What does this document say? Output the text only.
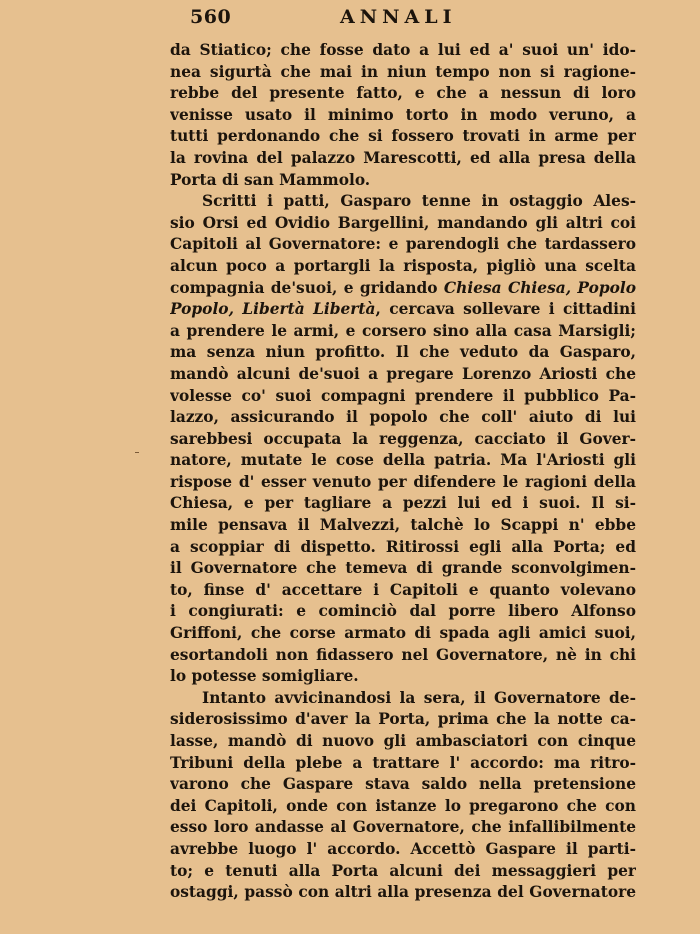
560	ANNALI
da Stiatico; che fosse dato a lui ed a' suoi un' ido-
nea sigurtà che mai in niun tempo non si ragione-
rebbe del presente fatto, e che a nessun di loro
venisse usato il minimo torto in modo veruno, a
tutti perdonando che si fossero trovati in arme per
la rovina del palazzo Marescotti, ed alla presa della
Porta di san Mammolo.
Scritti i patti, Gasparo tenne in ostaggio Ales-
sio Orsi ed Ovidio Bargellini, mandando gli altri coi
Capitoli al Governatore: e parendogli che tardassero
alcun poco a portargli la risposta, pigliò una scelta
compagnia de'suoi, e gridando Chiesa Chiesa, Popolo
Popolo, Libertà Libertà, cercava sollevare i cittadini
a prendere le armi, e corsero sino alla casa Marsigli;
ma senza niun profitto. Il che veduto da Gasparo,
mandò alcuni de'suoi a pregare Lorenzo Ariosti che
volesse co' suoi compagni prendere il pubblico Pa-
lazzo, assicurando il popolo che coll' aiuto di lui
sarebbesi occupata la reggenza, cacciato il Gover-
natore, mutate le cose della patria. Ma l'Ariosti gli
rispose d' esser venuto per difendere le ragioni della
Chiesa, e per tagliare a pezzi lui ed i suoi. Il si-
mile pensava il Malvezzi, talchè lo Scappi n' ebbe
a scoppiar di dispetto. Ritirossi egli alla Porta; ed
il Governatore che temeva di grande sconvolgimen-
to, finse d' accettare i Capitoli e quanto volevano
i congiurati: e cominciò dal porre libero Alfonso
Griffoni, che corse armato di spada agli amici suoi,
esortandoli non fidassero nel Governatore, nè in chi
lo potesse somigliare.
Intanto avvicinandosi la sera, il Governatore de-
siderosissimo d'aver la Porta, prima che la notte ca-
lasse, mandò di nuovo gli ambasciatori con cinque
Tribuni della plebe a trattare l' accordo: ma ritro-
varono che Gaspare stava saldo nella pretensione
dei Capitoli, onde con istanze lo pregarono che con
esso loro andasse al Governatore, che infallibilmente
avrebbe luogo l' accordo. Accettò Gaspare il parti-
to; e tenuti alla Porta alcuni dei messaggieri per
ostaggi, passò con altri alla presenza del Governatore
